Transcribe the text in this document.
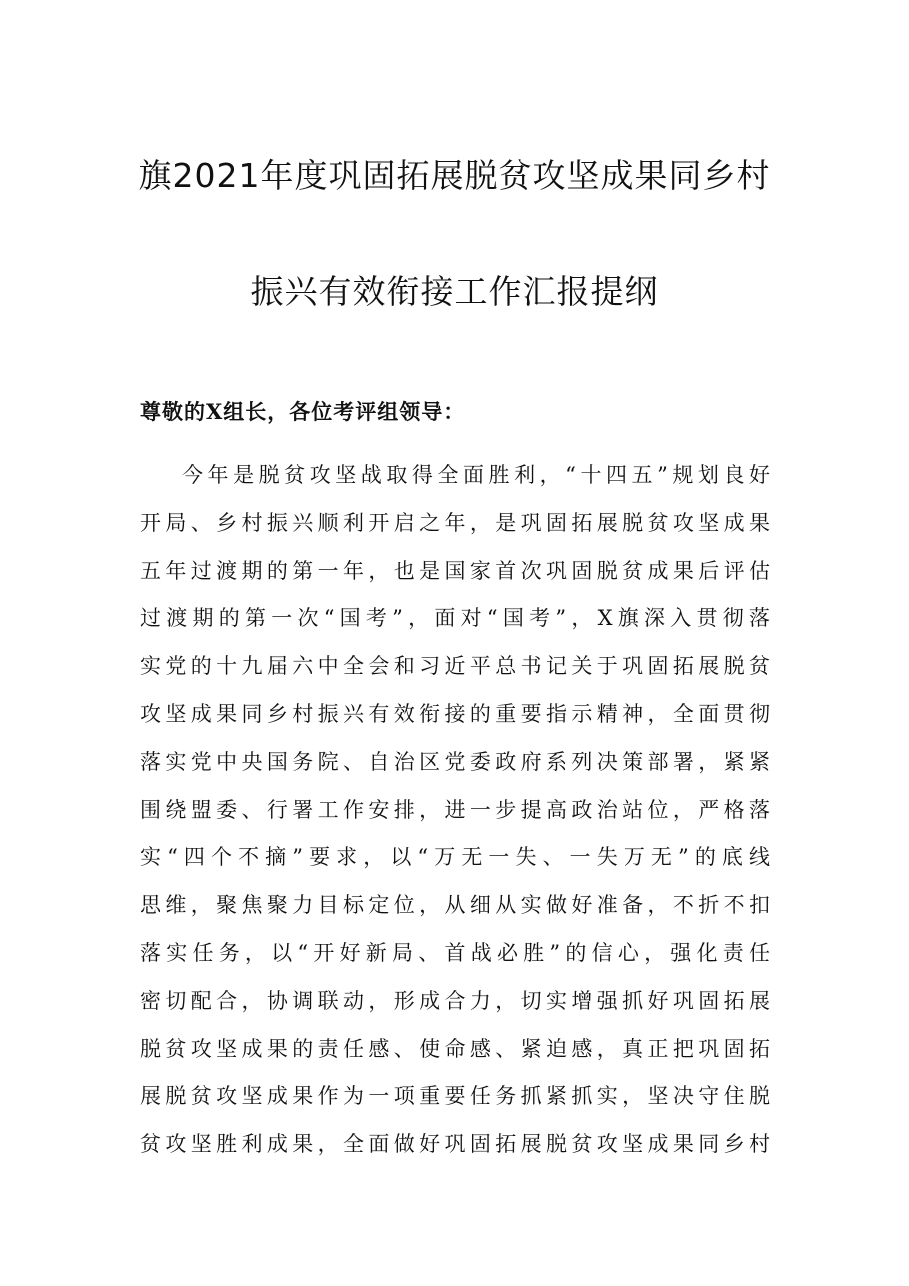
旗2021年度巩固拓展脱贫攻坚成果同乡村
振兴有效衔接工作汇报提纲
尊敬的X组长，各位考评组领导：
今年是脱贫攻坚战取得全面胜利，“十四五”规划良好
开局、乡村振兴顺利开启之年，是巩固拓展脱贫攻坚成果
五年过渡期的第一年，也是国家首次巩固脱贫成果后评估
过渡期的第一次“国考”，面对“国考”，X旗深入贯彻落
实党的十九届六中全会和习近平总书记关于巩固拓展脱贫
攻坚成果同乡村振兴有效衔接的重要指示精神，全面贯彻
落实党中央国务院、自治区党委政府系列决策部署，紧紧
围绕盟委、行署工作安排，进一步提高政治站位，严格落
实“四个不摘”要求，以“万无一失、一失万无”的底线
思维，聚焦聚力目标定位，从细从实做好准备，不折不扣
落实任务，以“开好新局、首战必胜”的信心，强化责任
密切配合，协调联动，形成合力，切实增强抓好巩固拓展
脱贫攻坚成果的责任感、使命感、紧迫感，真正把巩固拓
展脱贫攻坚成果作为一项重要任务抓紧抓实，坚决守住脱
贫攻坚胜利成果，全面做好巩固拓展脱贫攻坚成果同乡村
